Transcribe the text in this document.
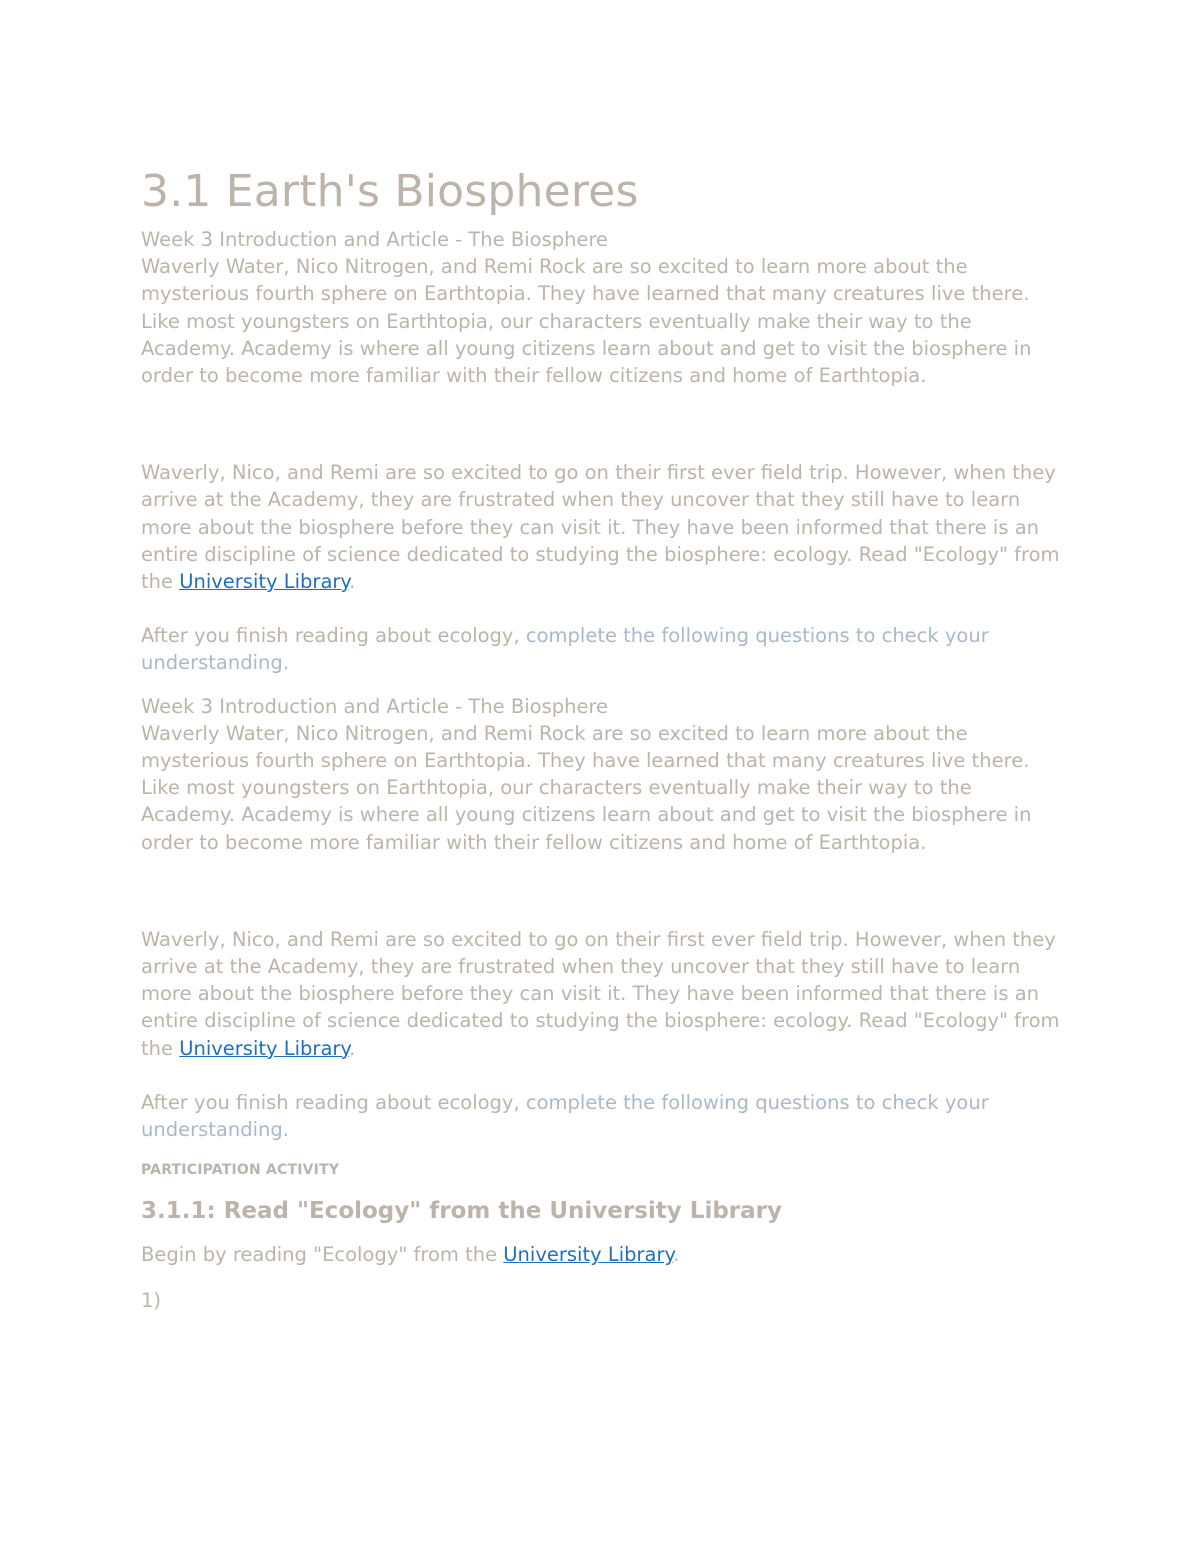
3.1 Earth's Biospheres

Week 3 Introduction and Article - The Biosphere

Waverly Water, Nico Nitrogen, and Remi Rock are so excited to learn more about the mysterious fourth sphere on Earthtopia. They have learned that many creatures live there. Like most youngsters on Earthtopia, our characters eventually make their way to the Academy. Academy is where all young citizens learn about and get to visit the biosphere in order to become more familiar with their fellow citizens and home of Earthtopia.

Waverly, Nico, and Remi are so excited to go on their first ever field trip. However, when they arrive at the Academy, they are frustrated when they uncover that they still have to learn more about the biosphere before they can visit it. They have been informed that there is an entire discipline of science dedicated to studying the biosphere: ecology. Read "Ecology" from the University Library.

After you finish reading about ecology, complete the following questions to check your understanding.

Week 3 Introduction and Article - The Biosphere

Waverly Water, Nico Nitrogen, and Remi Rock are so excited to learn more about the mysterious fourth sphere on Earthtopia. They have learned that many creatures live there. Like most youngsters on Earthtopia, our characters eventually make their way to the Academy. Academy is where all young citizens learn about and get to visit the biosphere in order to become more familiar with their fellow citizens and home of Earthtopia.

Waverly, Nico, and Remi are so excited to go on their first ever field trip. However, when they arrive at the Academy, they are frustrated when they uncover that they still have to learn more about the biosphere before they can visit it. They have been informed that there is an entire discipline of science dedicated to studying the biosphere: ecology. Read "Ecology" from the University Library.

After you finish reading about ecology, complete the following questions to check your understanding.

PARTICIPATION ACTIVITY

3.1.1: Read "Ecology" from the University Library

Begin by reading "Ecology" from the University Library.

1)
